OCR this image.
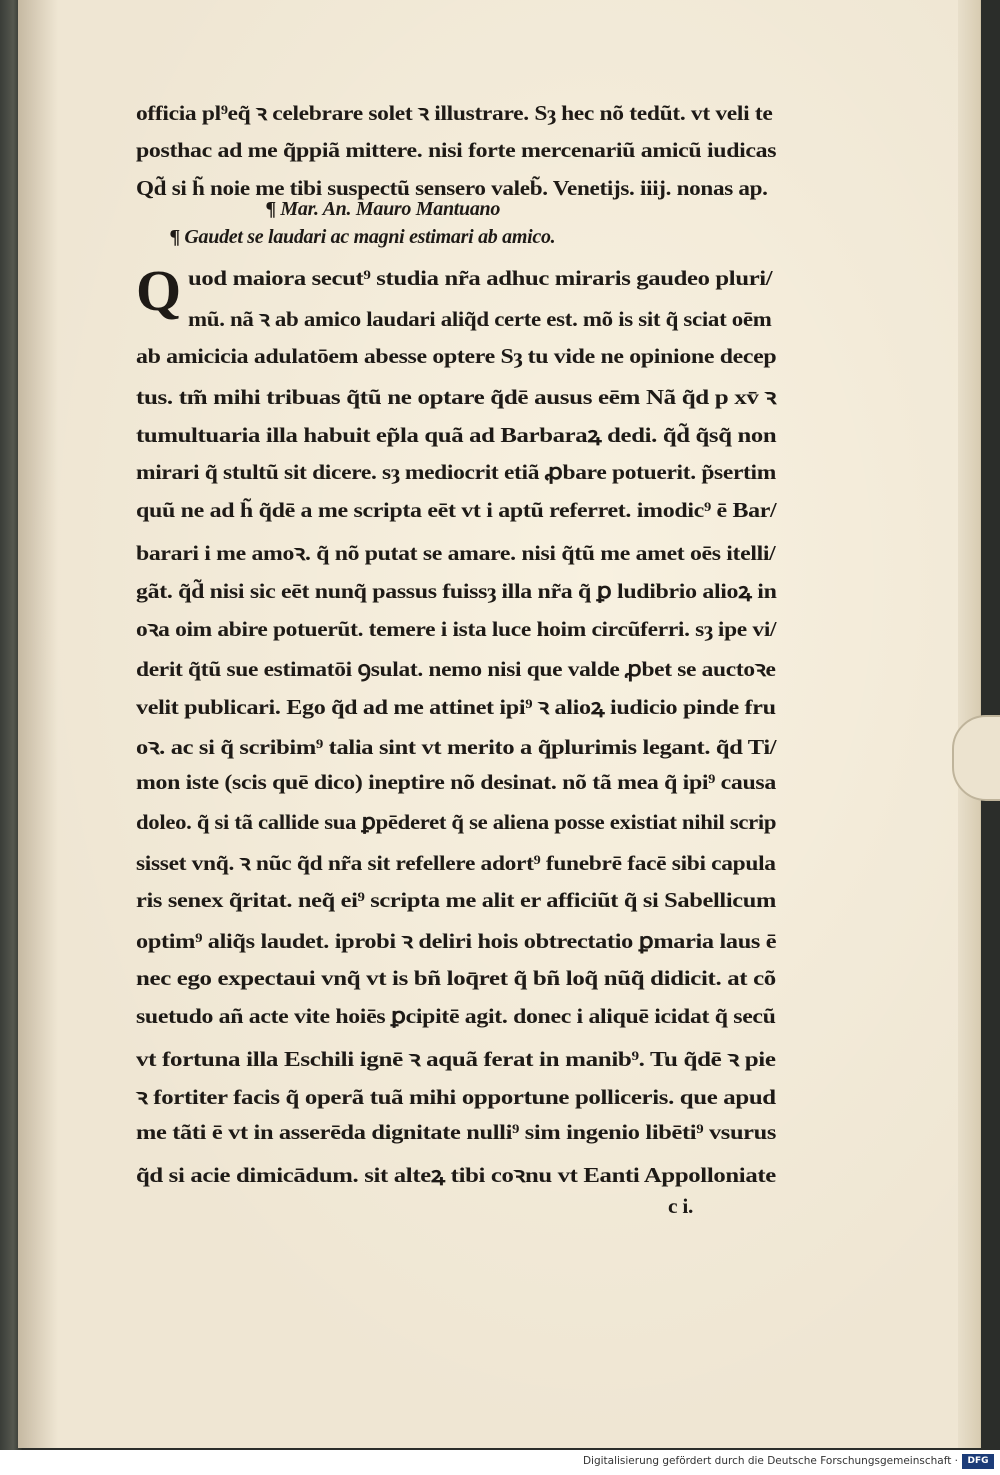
Q
officia pl⁹eq̃ ꝛ celebrare solet ꝛ illustrare. Sȝ hec nõ tedũt. vt veli te
posthac ad me q̃ppiã mittere. nisi forte mercenariũ amicũ iudicas
Qd̃ si h̃ noie me tibi suspectũ sensero valeb̃. Venetijs. iiij. nonas ap.
¶ Mar. An. Mauro Mantuano
¶ Gaudet se laudari ac magni estimari ab amico.
uod maiora secut⁹ studia nr̃a adhuc miraris gaudeo pluri/
mũ. nã ꝛ ab amico laudari aliq̃d certe est. mõ is sit q̃ sciat oēm
ab amicicia adulatōem abesse optere Sȝ tu vide ne opinione decep
tus. tm̃ mihi tribuas q̃tũ ne optare q̃dē ausus eēm Nã q̃d p xv̄ ꝛ
tumultuaria illa habuit ep̃la quã ad Barbaraꝝ dedi. q̃d̃ q̃sq̃ non
mirari q̃ stultũ sit dicere. sȝ mediocrit etiã ꝓbare potuerit. p̃sertim
quũ ne ad h̃ q̃dē a me scripta eēt vt i aptũ referret. imodic⁹ ē Bar/
barari i me amoꝛ. q̃ nõ putat se amare. nisi q̃tũ me amet oēs itelli/
gãt. q̃d̃ nisi sic eēt nunq̃ passus fuissȝ illa nr̃a q̃ ꝑ ludibrio alioꝝ in
oꝛa oim abire potuerũt. temere i ista luce hoim circũferri. sȝ ipe vi/
derit q̃tũ sue estimatōi ꝯsulat. nemo nisi que valde ꝓbet se auctoꝛe
velit publicari. Ego q̃d ad me attinet ipi⁹ ꝛ alioꝝ iudicio pinde fru
oꝛ. ac si q̃ scribim⁹ talia sint vt merito a q̃plurimis legant. q̃d Ti/
mon iste (scis quē dico) ineptire nõ desinat. nõ tã mea q̃ ipi⁹ causa
doleo. q̃ si tã callide sua ꝑpēderet q̃ se aliena posse existiat nihil scrip
sisset vnq̃. ꝛ nũc q̃d nr̃a sit refellere adort⁹ funebrē facē sibi capula
ris senex q̃ritat. neq̃ ei⁹ scripta me alit er afficiũt q̃ si Sabellicum
optim⁹ aliq̃s laudet. iprobi ꝛ deliri hois obtrectatio ꝑmaria laus ē
nec ego expectaui vnq̃ vt is bñ loq̄ret q̃ bñ loq̃ nũq̃ didicit. at cõ
suetudo añ acte vite hoiēs ꝑcipitē agit. donec i aliquē icidat q̃ secũ
vt fortuna illa Eschili ignē ꝛ aquã ferat in manib⁹. Tu q̃dē ꝛ pie
ꝛ fortiter facis q̃ operã tuã mihi opportune polliceris. que apud
me tãti ē vt in asserēda dignitate nulli⁹ sim ingenio libēti⁹ vsurus
q̃d si acie dimicādum. sit alteꝝ tibi coꝛnu vt Eanti Appolloniate
c i.
Digitalisierung gefördert durch die Deutsche Forschungsgemeinschaft ·	DFG
